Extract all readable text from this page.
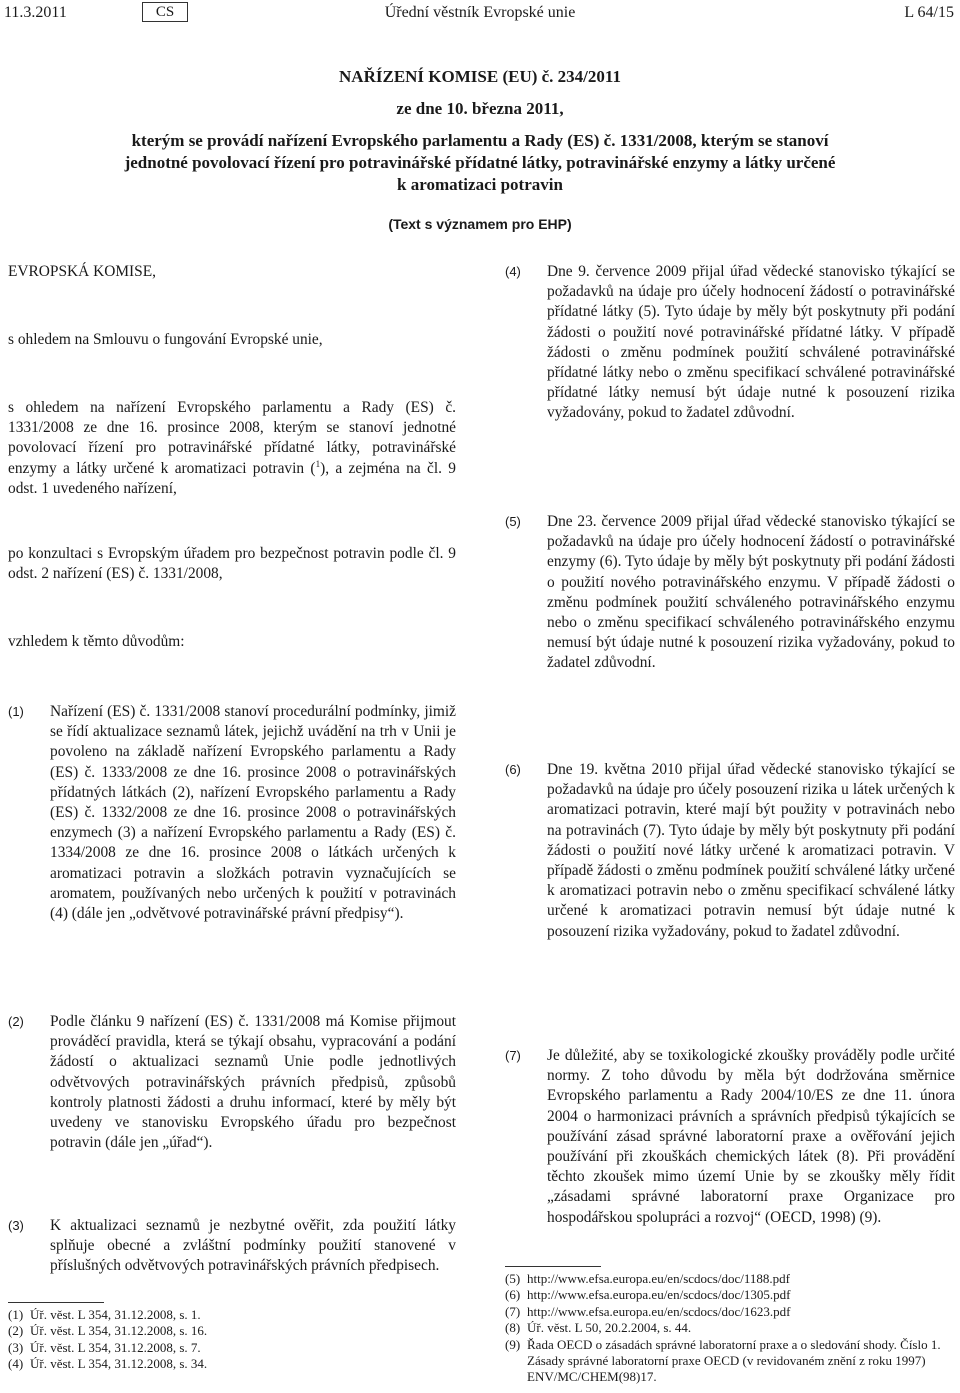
11.3.2011	CS	Úřední věstník Evropské unie	L 64/15
NAŘÍZENÍ KOMISE (EU) č. 234/2011
ze dne 10. března 2011,
kterým se provádí nařízení Evropského parlamentu a Rady (ES) č. 1331/2008, kterým se stanoví
jednotné povolovací řízení pro potravinářské přídatné látky, potravinářské enzymy a látky určené
k aromatizaci potravin
(Text s významem pro EHP)
EVROPSKÁ KOMISE,
s ohledem na Smlouvu o fungování Evropské unie,
s ohledem na nařízení Evropského parlamentu a Rady (ES) č. 1331/2008 ze dne 16. prosince 2008, kterým se stanoví jednotné povolovací řízení pro potravinářské přídatné látky, potravinářské enzymy a látky určené k aromatizaci potravin ($^1$), a zejména na čl. 9 odst. 1 uvedeného nařízení,
po konzultaci s Evropským úřadem pro bezpečnost potravin podle čl. 9 odst. 2 nařízení (ES) č. 1331/2008,
vzhledem k těmto důvodům:
(1)	Nařízení (ES) č. 1331/2008 stanoví procedurální podmínky, jimiž se řídí aktualizace seznamů látek, jejichž uvádění na trh v Unii je povoleno na základě nařízení Evropského parlamentu a Rady (ES) č. 1333/2008 ze dne 16. prosince 2008 o potravinářských přídatných látkách (2), nařízení Evropského parlamentu a Rady (ES) č. 1332/2008 ze dne 16. prosince 2008 o potravinářských enzymech (3) a nařízení Evropského parlamentu a Rady (ES) č. 1334/2008 ze dne 16. prosince 2008 o látkách určených k aromatizaci potravin a složkách potravin vyznačujících se aromatem, používaných nebo určených k použití v potravinách (4) (dále jen „odvětvové potravinářské právní předpisy“).
(2)	Podle článku 9 nařízení (ES) č. 1331/2008 má Komise přijmout prováděcí pravidla, která se týkají obsahu, vypracování a podání žádostí o aktualizaci seznamů Unie podle jednotlivých odvětvových potravinářských právních předpisů, způsobů kontroly platnosti žádosti a druhu informací, které by měly být uvedeny ve stanovisku Evropského úřadu pro bezpečnost potravin (dále jen „úřad“).
(3)	K aktualizaci seznamů je nezbytné ověřit, zda použití látky splňuje obecné a zvláštní podmínky použití stanovené v příslušných odvětvových potravinářských právních předpisech.
(1) Úř. věst. L 354, 31.12.2008, s. 1.
(2) Úř. věst. L 354, 31.12.2008, s. 16.
(3) Úř. věst. L 354, 31.12.2008, s. 7.
(4) Úř. věst. L 354, 31.12.2008, s. 34.
(4)	Dne 9. července 2009 přijal úřad vědecké stanovisko týkající se požadavků na údaje pro účely hodnocení žádostí o potravinářské přídatné látky (5). Tyto údaje by měly být poskytnuty při podání žádosti o použití nové potravinářské přídatné látky. V případě žádosti o změnu podmínek použití schválené potravinářské přídatné látky nebo o změnu specifikací schválené potravinářské přídatné látky nemusí být údaje nutné k posouzení rizika vyžadovány, pokud to žadatel zdůvodní.
(5)	Dne 23. července 2009 přijal úřad vědecké stanovisko týkající se požadavků na údaje pro účely hodnocení žádostí o potravinářské enzymy (6). Tyto údaje by měly být poskytnuty při podání žádosti o použití nového potravinářského enzymu. V případě žádosti o změnu podmínek použití schváleného potravinářského enzymu nebo o změnu specifikací schváleného potravinářského enzymu nemusí být údaje nutné k posouzení rizika vyžadovány, pokud to žadatel zdůvodní.
(6)	Dne 19. května 2010 přijal úřad vědecké stanovisko týkající se požadavků na údaje pro účely posouzení rizika u látek určených k aromatizaci potravin, které mají být použity v potravinách nebo na potravinách (7). Tyto údaje by měly být poskytnuty při podání žádosti o použití nové látky určené k aromatizaci potravin. V případě žádosti o změnu podmínek použití schválené látky určené k aromatizaci potravin nebo o změnu specifikací schválené látky určené k aromatizaci potravin nemusí být údaje nutné k posouzení rizika vyžadovány, pokud to žadatel zdůvodní.
(7)	Je důležité, aby se toxikologické zkoušky prováděly podle určité normy. Z toho důvodu by měla být dodržována směrnice Evropského parlamentu a Rady 2004/10/ES ze dne 11. února 2004 o harmonizaci právních a správních předpisů týkajících se používání zásad správné laboratorní praxe a ověřování jejich používání při zkouškách chemických látek (8). Při provádění těchto zkoušek mimo území Unie by se zkoušky měly řídit „zásadami správné laboratorní praxe Organizace pro hospodářskou spolupráci a rozvoj“ (OECD, 1998) (9).
(5) http://www.efsa.europa.eu/en/scdocs/doc/1188.pdf
(6) http://www.efsa.europa.eu/en/scdocs/doc/1305.pdf
(7) http://www.efsa.europa.eu/en/scdocs/doc/1623.pdf
(8) Úř. věst. L 50, 20.2.2004, s. 44.
(9) Řada OECD o zásadách správné laboratorní praxe a o sledování shody. Číslo 1. Zásady správné laboratorní praxe OECD (v revidovaném znění z roku 1997) ENV/MC/CHEM(98)17.
